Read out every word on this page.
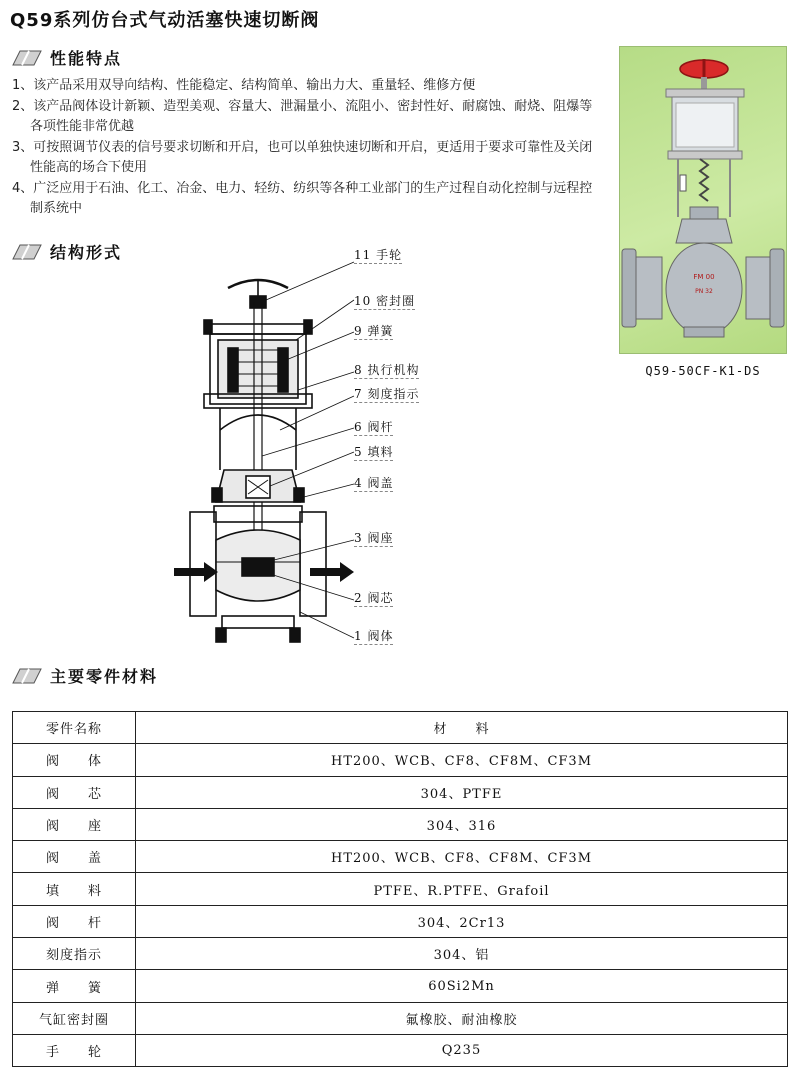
Q59系列仿台式气动活塞快速切断阀
性能特点

1、该产品采用双导向结构、性能稳定、结构简单、输出力大、重量轻、维修方便

2、该产品阀体设计新颖、造型美观、容量大、泄漏量小、流阻小、密封性好、耐腐蚀、耐烧、阻爆等各项性能非常优越

3、可按照调节仪表的信号要求切断和开启，也可以单独快速切断和开启，更适用于要求可靠性及关闭性能高的场合下使用

4、广泛应用于石油、化工、冶金、电力、轻纺、纺织等各种工业部门的生产过程自动化控制与远程控制系统中

FM 00
PN 32
Q59-50CF-K1-DS
结构形式	11 手轮
10 密封圈
9 弹簧
8 执行机构
7 刻度指示
6 阀杆
5 填料
4 阀盖
3 阀座
2 阀芯
1 阀体
主要零件材料
零件名称	材　　料
阀　　体	HT200、WCB、CF8、CF8M、CF3M
阀　　芯	304、PTFE
阀　　座	304、316
阀　　盖	HT200、WCB、CF8、CF8M、CF3M
填　　料	PTFE、R.PTFE、Grafoil
阀　　杆	304、2Cr13
刻度指示	304、铝
弹　　簧	60Si2Mn
气缸密封圈	氟橡胶、耐油橡胶
手　　轮	Q235
